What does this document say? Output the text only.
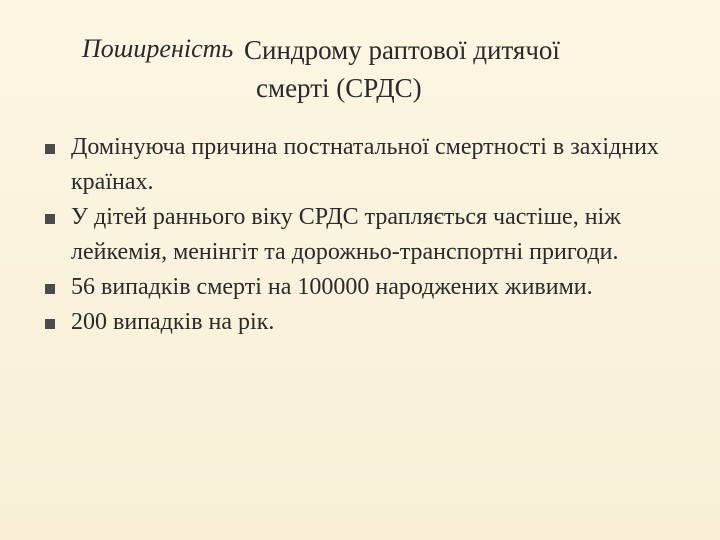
Поширеність Синдрому раптової дитячої
смерті (СРДС)
Домінуюча причина постнатальної смертності в західних країнах.
У дітей раннього віку СРДС трапляється частіше, ніж лейкемія, менінгіт та дорожньо-транспортні пригоди.
56 випадків смерті на 100000 народжених живими.
200 випадків на рік.
